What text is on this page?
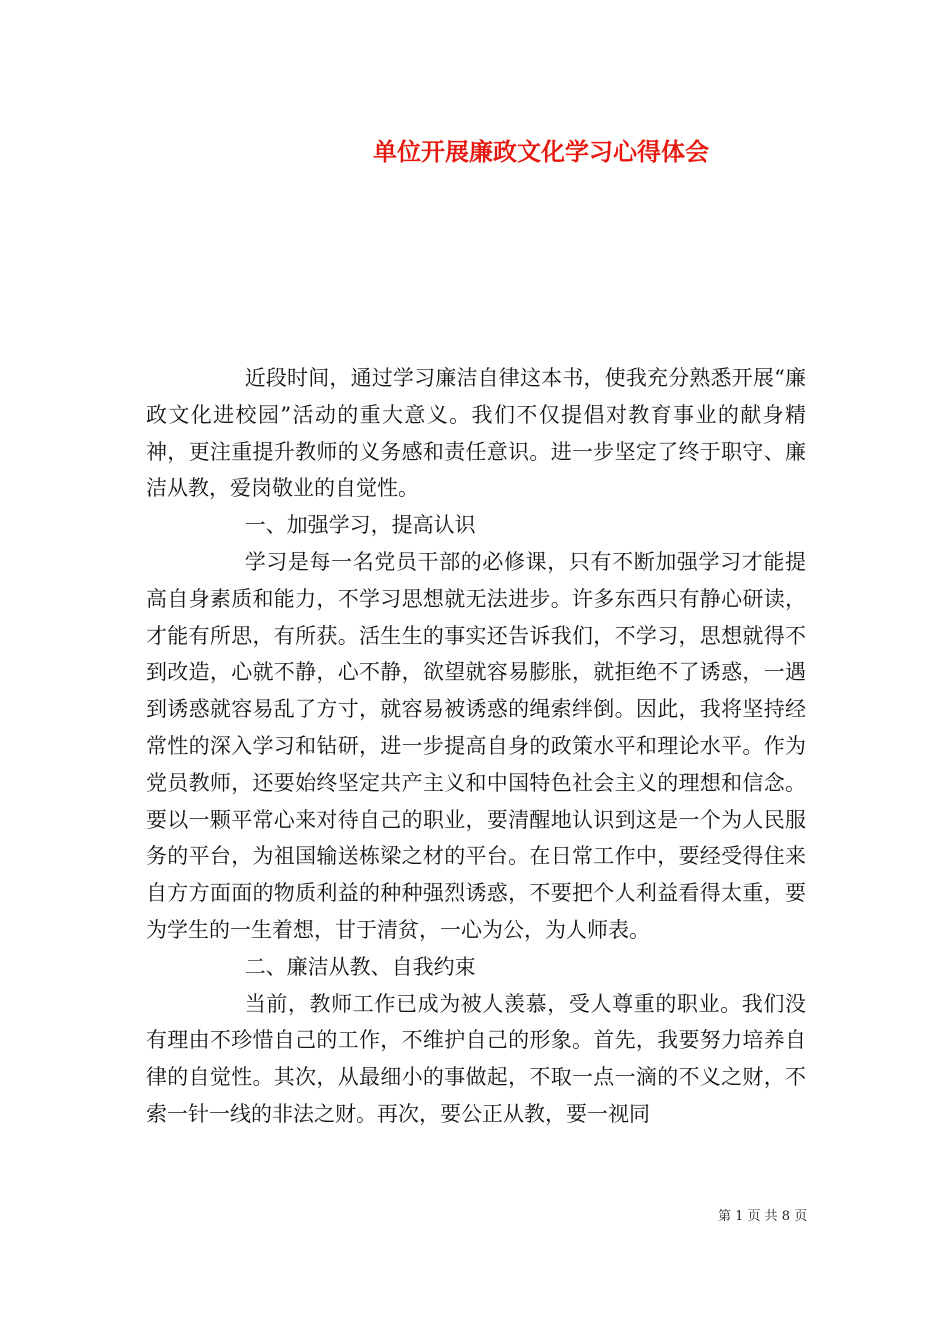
单位开展廉政文化学习心得体会

近段时间，通过学习廉洁自律这本书，使我充分熟悉开展“廉政文化进校园”活动的重大意义。我们不仅提倡对教育事业的献身精神，更注重提升教师的义务感和责任意识。进一步坚定了终于职守、廉洁从教，爱岗敬业的自觉性。

一、加强学习，提高认识

学习是每一名党员干部的必修课，只有不断加强学习才能提高自身素质和能力，不学习思想就无法进步。许多东西只有静心研读，才能有所思，有所获。活生生的事实还告诉我们，不学习，思想就得不到改造，心就不静，心不静，欲望就容易膨胀，就拒绝不了诱惑，一遇到诱惑就容易乱了方寸，就容易被诱惑的绳索绊倒。因此，我将坚持经常性的深入学习和钻研，进一步提高自身的政策水平和理论水平。作为党员教师，还要始终坚定共产主义和中国特色社会主义的理想和信念。要以一颗平常心来对待自己的职业，要清醒地认识到这是一个为人民服务的平台，为祖国输送栋梁之材的平台。在日常工作中，要经受得住来自方方面面的物质利益的种种强烈诱惑，不要把个人利益看得太重，要为学生的一生着想，甘于清贫，一心为公，为人师表。

二、廉洁从教、自我约束

当前，教师工作已成为被人羡慕，受人尊重的职业。我们没有理由不珍惜自己的工作，不维护自己的形象。首先，我要努力培养自律的自觉性。其次，从最细小的事做起，不取一点一滴的不义之财，不索一针一线的非法之财。再次，要公正从教，要一视同

第 1 页 共 8 页
